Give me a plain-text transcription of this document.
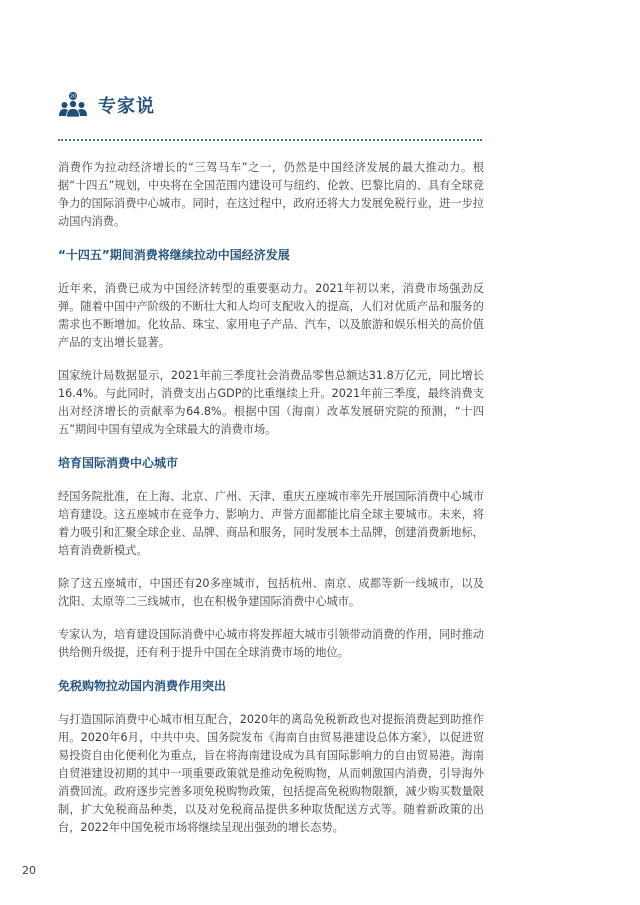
20 专家说

消费作为拉动经济增长的“三驾马车”之一，仍然是中国经济发展的最大推动力。根据“十四五”规划，中央将在全国范围内建设可与纽约、伦敦、巴黎比肩的、具有全球竞争力的国际消费中心城市。同时，在这过程中，政府还将大力发展免税行业，进一步拉动国内消费。

“十四五”期间消费将继续拉动中国经济发展

近年来，消费已成为中国经济转型的重要驱动力。2021年初以来，消费市场强劲反弹。随着中国中产阶级的不断壮大和人均可支配收入的提高，人们对优质产品和服务的需求也不断增加。化妆品、珠宝、家用电子产品、汽车，以及旅游和娱乐相关的高价值产品的支出增长显著。

国家统计局数据显示，2021年前三季度社会消费品零售总额达31.8万亿元，同比增长16.4%。与此同时，消费支出占GDP的比重继续上升。2021年前三季度，最终消费支出对经济增长的贡献率为64.8%。根据中国（海南）改革发展研究院的预测，“十四五”期间中国有望成为全球最大的消费市场。

培育国际消费中心城市

经国务院批准，在上海、北京、广州、天津、重庆五座城市率先开展国际消费中心城市培育建设。这五座城市在竞争力、影响力、声誉方面都能比肩全球主要城市。未来，将着力吸引和汇聚全球企业、品牌、商品和服务，同时发展本土品牌，创建消费新地标，培育消费新模式。

除了这五座城市，中国还有20多座城市，包括杭州、南京、成都等新一线城市，以及沈阳、太原等二三线城市，也在积极争建国际消费中心城市。

专家认为，培育建设国际消费中心城市将发挥超大城市引领带动消费的作用，同时推动供给侧升级提，还有利于提升中国在全球消费市场的地位。

免税购物拉动国内消费作用突出

与打造国际消费中心城市相互配合，2020年的离岛免税新政也对提振消费起到助推作用。2020年6月，中共中央、国务院发布《海南自由贸易港建设总体方案》，以促进贸易投资自由化便利化为重点，旨在将海南建设成为具有国际影响力的自由贸易港。海南自贸港建设初期的其中一项重要政策就是推动免税购物，从而刺激国内消费，引导海外消费回流。政府逐步完善多项免税购物政策，包括提高免税购物限额，减少购买数量限制，扩大免税商品种类，以及对免税商品提供多种取货配送方式等。随着新政策的出台，2022年中国免税市场将继续呈现出强劲的增长态势。

20
